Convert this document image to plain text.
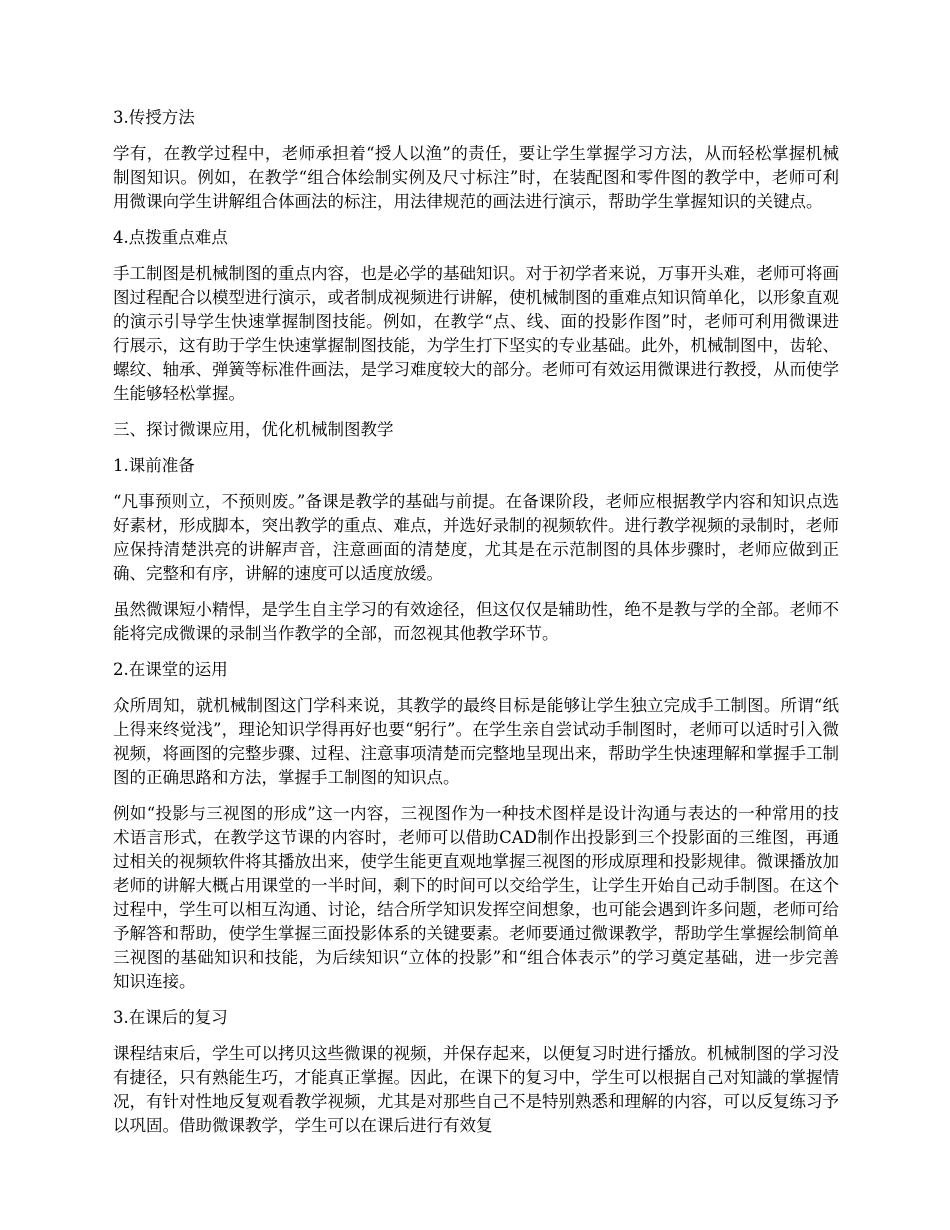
3.传授方法

学有，在教学过程中，老师承担着“授人以渔”的责任，要让学生掌握学习方法，从而轻松掌握机械制图知识。例如，在教学“组合体绘制实例及尺寸标注”时，在装配图和零件图的教学中，老师可利用微课向学生讲解组合体画法的标注，用法律规范的画法进行演示，帮助学生掌握知识的关键点。

4.点拨重点难点

手工制图是机械制图的重点内容，也是必学的基础知识。对于初学者来说，万事开头难，老师可将画图过程配合以模型进行演示，或者制成视频进行讲解，使机械制图的重难点知识简单化，以形象直观的演示引导学生快速掌握制图技能。例如，在教学“点、线、面的投影作图”时，老师可利用微课进行展示，这有助于学生快速掌握制图技能，为学生打下坚实的专业基础。此外，机械制图中，齿轮、螺纹、轴承、弹簧等标准件画法，是学习难度较大的部分。老师可有效运用微课进行教授，从而使学生能够轻松掌握。

三、探讨微课应用，优化机械制图教学

1.课前准备

“凡事预则立，不预则废。”备课是教学的基础与前提。在备课阶段，老师应根据教学内容和知识点选好素材，形成脚本，突出教学的重点、难点，并选好录制的视频软件。进行教学视频的录制时，老师应保持清楚洪亮的讲解声音，注意画面的清楚度，尤其是在示范制图的具体步骤时，老师应做到正确、完整和有序，讲解的速度可以适度放缓。

虽然微课短小精悍，是学生自主学习的有效途径，但这仅仅是辅助性，绝不是教与学的全部。老师不能将完成微课的录制当作教学的全部，而忽视其他教学环节。

2.在课堂的运用

众所周知，就机械制图这门学科来说，其教学的最终目标是能够让学生独立完成手工制图。所谓“纸上得来终觉浅”，理论知识学得再好也要“躬行”。在学生亲自尝试动手制图时，老师可以适时引入微视频，将画图的完整步骤、过程、注意事项清楚而完整地呈现出来，帮助学生快速理解和掌握手工制图的正确思路和方法，掌握手工制图的知识点。

例如“投影与三视图的形成”这一内容，三视图作为一种技术图样是设计沟通与表达的一种常用的技术语言形式，在教学这节课的内容时，老师可以借助CAD制作出投影到三个投影面的三维图，再通过相关的视频软件将其播放出来，使学生能更直观地掌握三视图的形成原理和投影规律。微课播放加老师的讲解大概占用课堂的一半时间，剩下的时间可以交给学生，让学生开始自己动手制图。在这个过程中，学生可以相互沟通、讨论，结合所学知识发挥空间想象，也可能会遇到许多问题，老师可给予解答和帮助，使学生掌握三面投影体系的关键要素。老师要通过微课教学，帮助学生掌握绘制简单三视图的基础知识和技能，为后续知识“立体的投影”和“组合体表示”的学习奠定基础，进一步完善知识连接。

3.在课后的复习

课程结束后，学生可以拷贝这些微课的视频，并保存起来，以便复习时进行播放。机械制图的学习没有捷径，只有熟能生巧，才能真正掌握。因此，在课下的复习中，学生可以根据自己对知識的掌握情况，有针对性地反复观看教学视频，尤其是对那些自己不是特别熟悉和理解的内容，可以反复练习予以巩固。借助微课教学，学生可以在课后进行有效复
